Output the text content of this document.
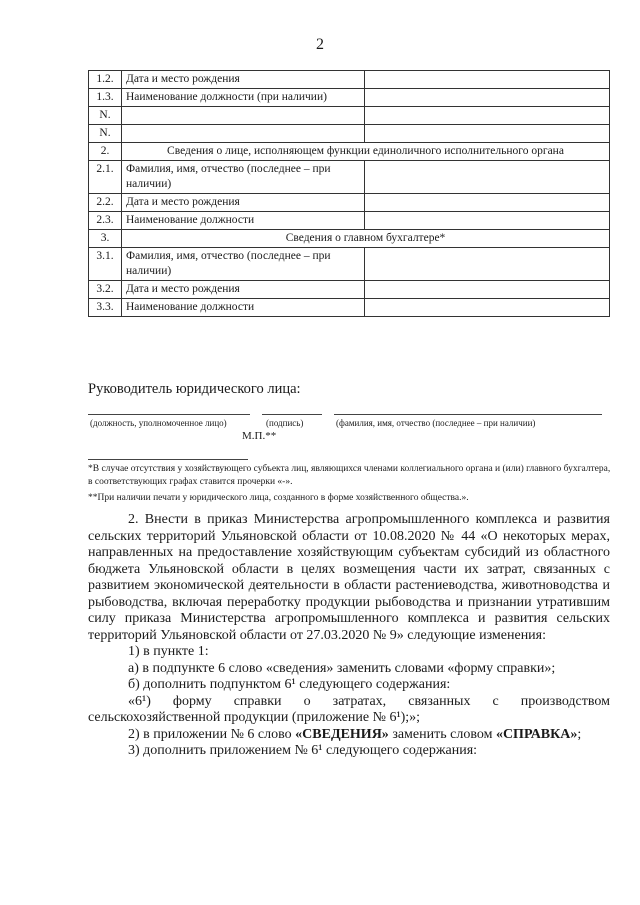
2
1.2.	Дата и место рождения	
1.3.	Наименование должности (при наличии)	
N.		
N.		
2.	Сведения о лице, исполняющем функции единоличного исполнительного органа	
2.1.	Фамилия, имя, отчество (последнее – при наличии)	
2.2.	Дата и место рождения	
2.3.	Наименование должности	
3.	Сведения о главном бухгалтере*	
3.1.	Фамилия, имя, отчество (последнее – при наличии)	
3.2.	Дата и место рождения	
3.3.	Наименование должности	
Руководитель юридического лица:
(должность, уполномоченное лицо)	(подпись)	(фамилия, имя, отчество (последнее – при наличии)
М.П.**
*В случае отсутствия у хозяйствующего субъекта лиц, являющихся членами коллегиального органа и (или) главного бухгалтера, в соответствующих графах ставится прочерки «-».
**При наличии печати у юридического лица, созданного в форме хозяйственного общества.».

2. Внести в приказ Министерства агропромышленного комплекса и развития сельских территорий Ульяновской области от 10.08.2020 № 44 «О некоторых мерах, направленных на предоставление хозяйствующим субъектам субсидий из областного бюджета Ульяновской области в целях возмещения части их затрат, связанных с развитием экономической деятельности в области растениеводства, животноводства и рыбоводства, включая переработку продукции рыбоводства и признании утратившим силу приказа Министерства агропромышленного комплекса и развития сельских территорий Ульяновской области от 27.03.2020 № 9» следующие изменения:

1) в пункте 1:

а) в подпункте 6 слово «сведения» заменить словами «форму справки»;

б) дополнить подпунктом 6¹ следующего содержания:

«6¹) форму справки о затратах, связанных с производством сельскохозяйственной продукции (приложение № 6¹);»;

2) в приложении № 6 слово «СВЕДЕНИЯ» заменить словом «СПРАВКА»;

3) дополнить приложением № 6¹ следующего содержания:
